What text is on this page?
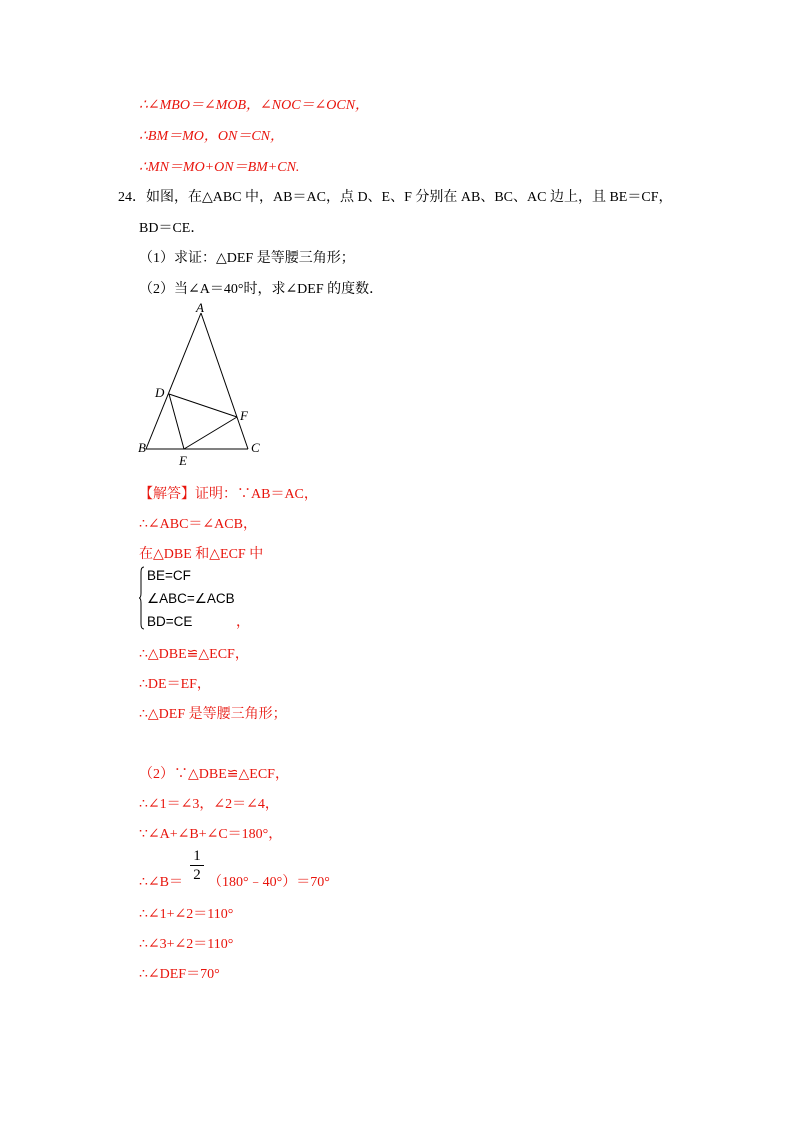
∴∠MBO＝∠MOB，∠NOC＝∠OCN，
∴BM＝MO，ON＝CN，
∴MN＝MO+ON＝BM+CN.
24．如图，在△ABC 中，AB＝AC，点 D、E、F 分别在 AB、BC、AC 边上，且 BE＝CF，
BD＝CE．
（1）求证：△DEF 是等腰三角形；
（2）当∠A＝40°时，求∠DEF 的度数．
A
D
F
B	C
E
【解答】证明：∵AB＝AC，
∴∠ABC＝∠ACB，
在△DBE 和△ECF 中
BE=CF
∠ABC=∠ACB
BD=CE	，
∴△DBE≌△ECF，
∴DE＝EF，
∴△DEF 是等腰三角形；
（2）∵△DBE≌△ECF，
∴∠1＝∠3，∠2＝∠4，
∵∠A+∠B+∠C＝180°，
∴∠B＝
1
2 （180°﹣40°）＝70°
∴∠1+∠2＝110°
∴∠3+∠2＝110°
∴∠DEF＝70°
